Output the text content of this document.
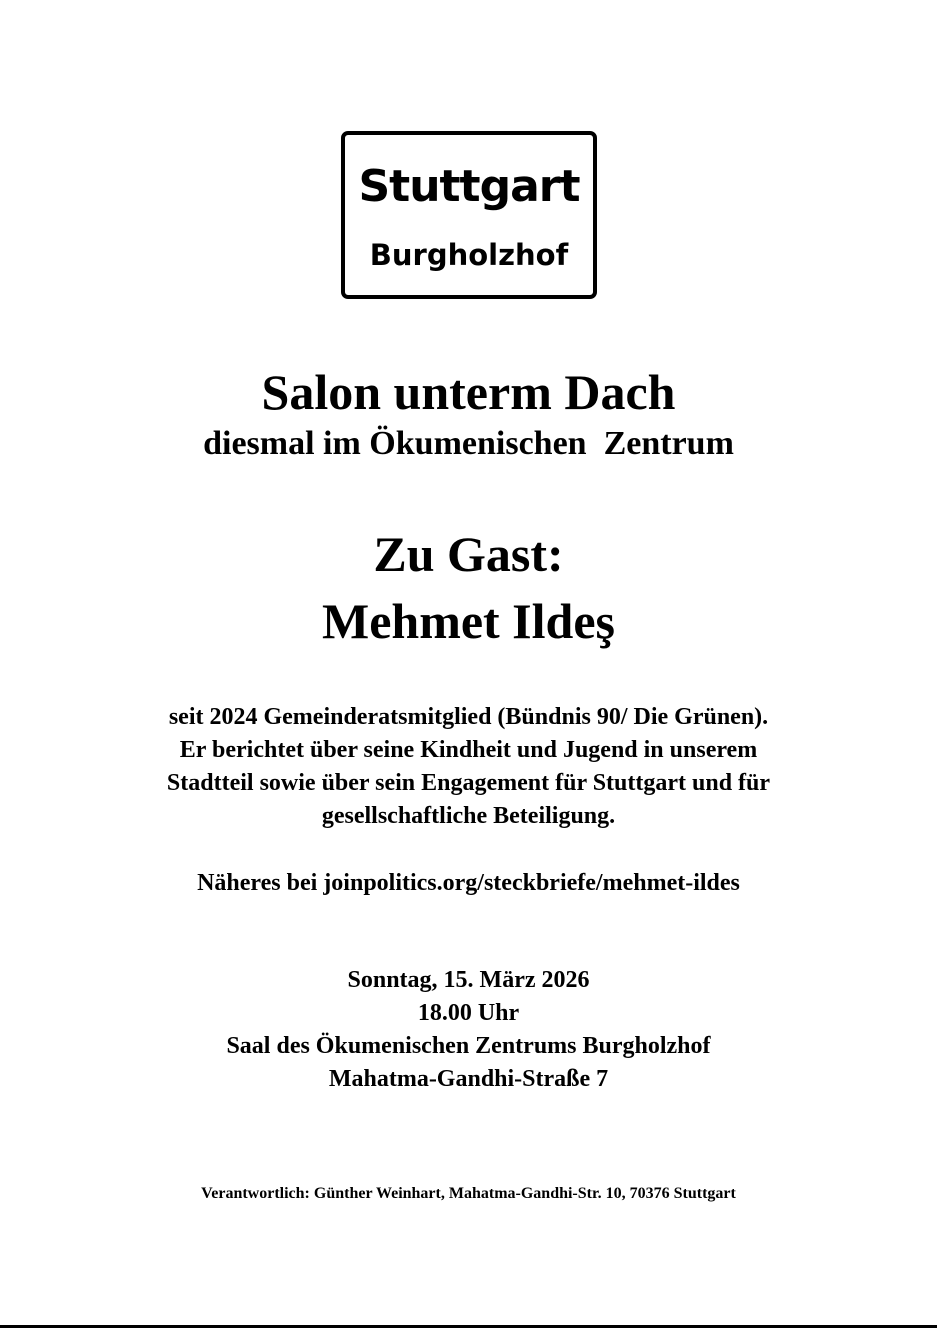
Stuttgart
Burgholzhof
Salon unterm Dach
diesmal im Ökumenischen  Zentrum
Zu Gast:
Mehmet Ildeş
seit 2024 Gemeinderatsmitglied (Bündnis 90/ Die Grünen).
Er berichtet über seine Kindheit und Jugend in unserem
Stadtteil sowie über sein Engagement für Stuttgart und für
gesellschaftliche Beteiligung.
Näheres bei joinpolitics.org/steckbriefe/mehmet-ildes
Sonntag, 15. März 2026
18.00 Uhr
Saal des Ökumenischen Zentrums Burgholzhof
Mahatma-Gandhi-Straße 7
Verantwortlich: Günther Weinhart, Mahatma-Gandhi-Str. 10, 70376 Stuttgart
